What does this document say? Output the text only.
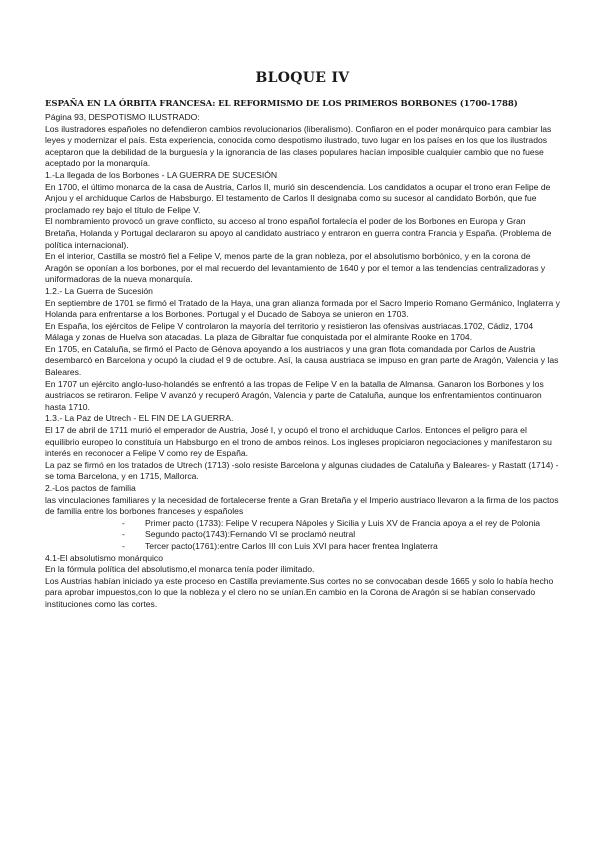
BLOQUE IV
ESPAÑA EN LA ÓRBITA FRANCESA: EL REFORMISMO DE LOS PRIMEROS BORBONES (1700-1788)

Página 93, DESPOTISMO ILUSTRADO:

Los ilustradores españoles no defendieron cambios revolucionarios (liberalismo). Confiaron en el poder monárquico para cambiar las leyes y modernizar el país. Esta experiencia, conocida como despotismo ilustrado, tuvo lugar en los países en los que los ilustrados aceptaron que la debilidad de la burguesía y la ignorancia de las clases populares hacían imposible cualquier cambio que no fuese aceptado por la monarquía.

1.-La llegada de los Borbones - LA GUERRA DE SUCESIÓN

En 1700, el último monarca de la casa de Austria, Carlos II, murió sin descendencia. Los candidatos a ocupar el trono eran Felipe de Anjou y el archiduque Carlos de Habsburgo. El testamento de Carlos II designaba como su sucesor al candidato Borbón, que fue proclamado rey bajo el título de Felipe V.

El nombramiento provocó un grave conflicto, su acceso al trono español fortalecía el poder de los Borbones en Europa y Gran Bretaña, Holanda y Portugal declararon su apoyo al candidato austriaco y entraron en guerra contra Francia y España. (Problema de política internacional).

En el interior, Castilla se mostró fiel a Felipe V, menos parte de la gran nobleza, por el absolutismo borbónico, y en la corona de Aragón se oponían a los borbones, por el mal recuerdo del levantamiento de 1640 y por el temor a las tendencias centralizadoras y uniformadoras de la nueva monarquía.

1.2.- La Guerra de Sucesión

En septiembre de 1701 se firmó el Tratado de la Haya, una gran alianza formada por el Sacro Imperio Romano Germánico, Inglaterra y Holanda para enfrentarse a los Borbones. Portugal y el Ducado de Saboya se unieron en 1703.

En España, los ejércitos de Felipe V controlaron la mayoría del territorio y resistieron las ofensivas austriacas.1702, Cádiz, 1704 Málaga y zonas de Huelva son atacadas. La plaza de Gibraltar fue conquistada por el almirante Rooke en 1704.

En 1705, en Cataluña, se firmó el Pacto de Génova apoyando a los austriacos y una gran flota comandada por Carlos de Austria desembarcó en Barcelona y ocupó la ciudad el 9 de octubre. Así, la causa austriaca se impuso en gran parte de Aragón, Valencia y las Baleares.

En 1707 un ejército anglo-luso-holandés se enfrentó a las tropas de Felipe V en la batalla de Almansa. Ganaron los Borbones y los austriacos se retiraron. Felipe V avanzó y recuperó Aragón, Valencia y parte de Cataluña, aunque los enfrentamientos continuaron hasta 1710.

1.3.- La Paz de Utrech - EL FIN DE LA GUERRA.

El 17 de abril de 1711 murió el emperador de Austria, José I, y ocupó el trono el archiduque Carlos. Entonces el peligro para el equilibrio europeo lo constituía un Habsburgo en el trono de ambos reinos. Los ingleses propiciaron negociaciones y manifestaron su interés en reconocer a Felipe V como rey de España.

La paz se firmó en los tratados de Utrech (1713) -solo resiste Barcelona y algunas ciudades de Cataluña y Baleares- y Rastatt (1714) -se toma Barcelona, y en 1715, Mallorca.

2.-Los pactos de familia

las vinculaciones familiares y la necesidad de fortalecerse frente a Gran Bretaña y el Imperio austriaco llevaron a la firma de los pactos de familia entre los borbones franceses y españoles

- Primer pacto (1733): Felipe V recupera Nápoles y Sicilia y Luis XV de Francia apoya a el rey de Polonia
- Segundo pacto(1743):Fernando VI se proclamó neutral
- Tercer pacto(1761):entre Carlos III con Luis XVI para hacer frentea Inglaterra

4.1-El absolutismo monárquico

En la fórmula política del absolutismo,el monarca tenía poder ilimitado.

Los Austrias habían iniciado ya este proceso en Castilla previamente.Sus cortes no se convocaban desde 1665 y solo lo había hecho para aprobar impuestos,con lo que la nobleza y el clero no se unían.En cambio en la Corona de Aragón si se habían conservado instituciones como las cortes.
